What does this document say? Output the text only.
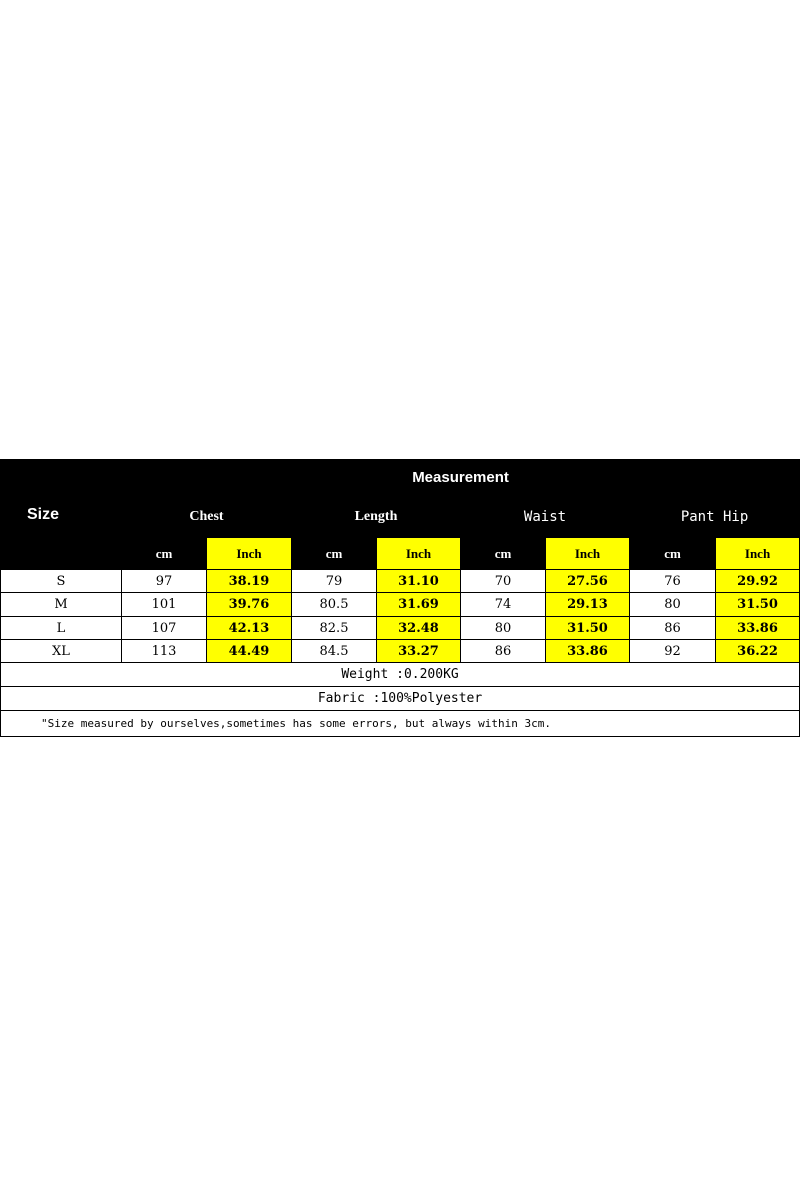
Size	Measurement							
	Chest		Length		Waist		Pant Hip	
	cm	Inch	cm	Inch	cm	Inch	cm	Inch
S	97	38.19	79	31.10	70	27.56	76	29.92
M	101	39.76	80.5	31.69	74	29.13	80	31.50
L	107	42.13	82.5	32.48	80	31.50	86	33.86
XL	113	44.49	84.5	33.27	86	33.86	92	36.22
Weight :0.200KG								
Fabric :100%Polyester								
"Size measured by ourselves,sometimes has some errors, but always within 3cm.								
